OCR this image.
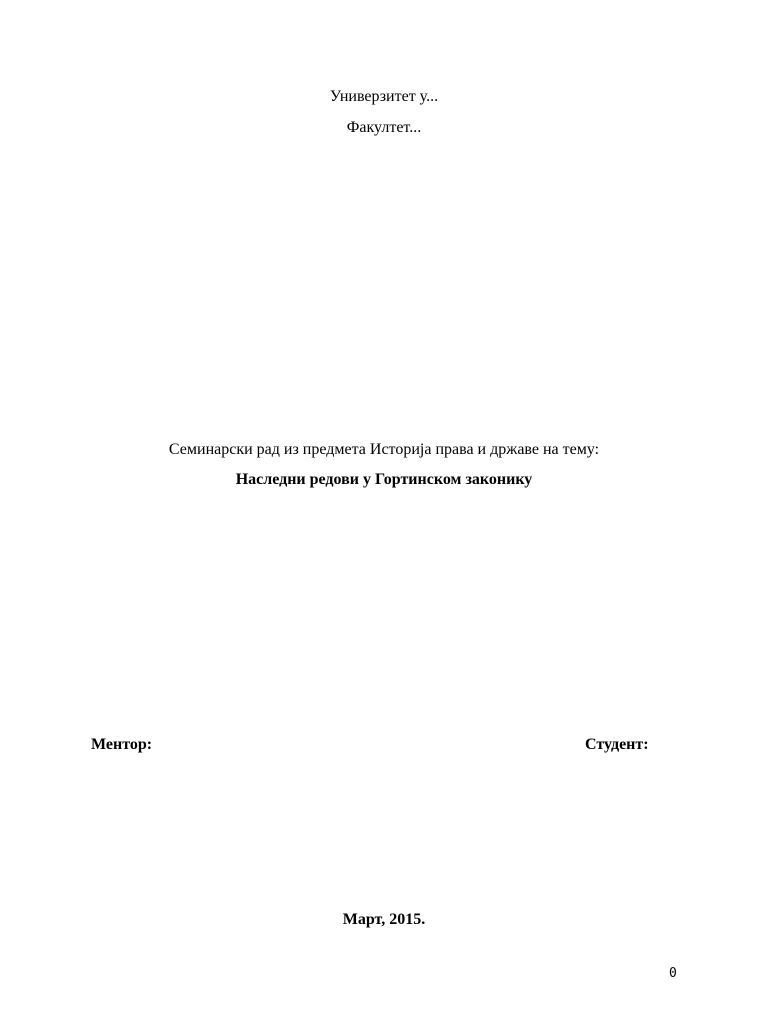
Универзитет у...
Факултет...
Семинарски рад из предмета Историја права и државе на тему:
Наследни редови у Гортинском законику
Ментор:	Студент:
Март, 2015.
0
